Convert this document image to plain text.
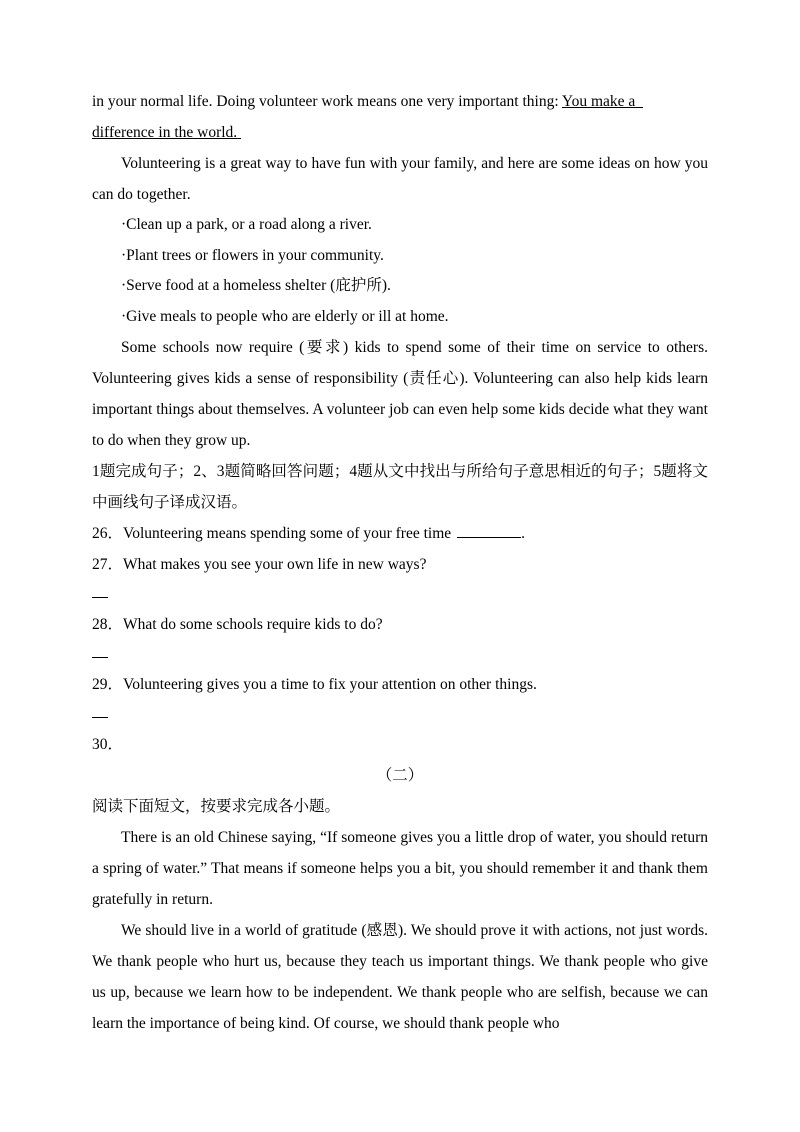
in your normal life. Doing volunteer work means one very important thing: You make a

difference in the world.

Volunteering is a great way to have fun with your family, and here are some ideas on how you can do together.

·Clean up a park, or a road along a river.

·Plant trees or flowers in your community.

·Serve food at a homeless shelter (庇护所).

·Give meals to people who are elderly or ill at home.

Some schools now require (要求) kids to spend some of their time on service to others. Volunteering gives kids a sense of responsibility (责任心). Volunteering can also help kids learn important things about themselves. A volunteer job can even help some kids decide what they want to do when they grow up.

1题完成句子；2、3题简略回答问题；4题从文中找出与所给句子意思相近的句子；5题将文中画线句子译成汉语。

26．Volunteering means spending some of your free time	.

27．What makes you see your own life in new ways?

28．What do some schools require kids to do?

29．Volunteering gives you a time to fix your attention on other things.

30．

（二）

阅读下面短文，按要求完成各小题。

There is an old Chinese saying, “If someone gives you a little drop of water, you should return a spring of water.” That means if someone helps you a bit, you should remember it and thank them gratefully in return.

We should live in a world of gratitude (感恩). We should prove it with actions, not just words. We thank people who hurt us, because they teach us important things. We thank people who give us up, because we learn how to be independent. We thank people who are selfish, because we can learn the importance of being kind. Of course, we should thank people who
